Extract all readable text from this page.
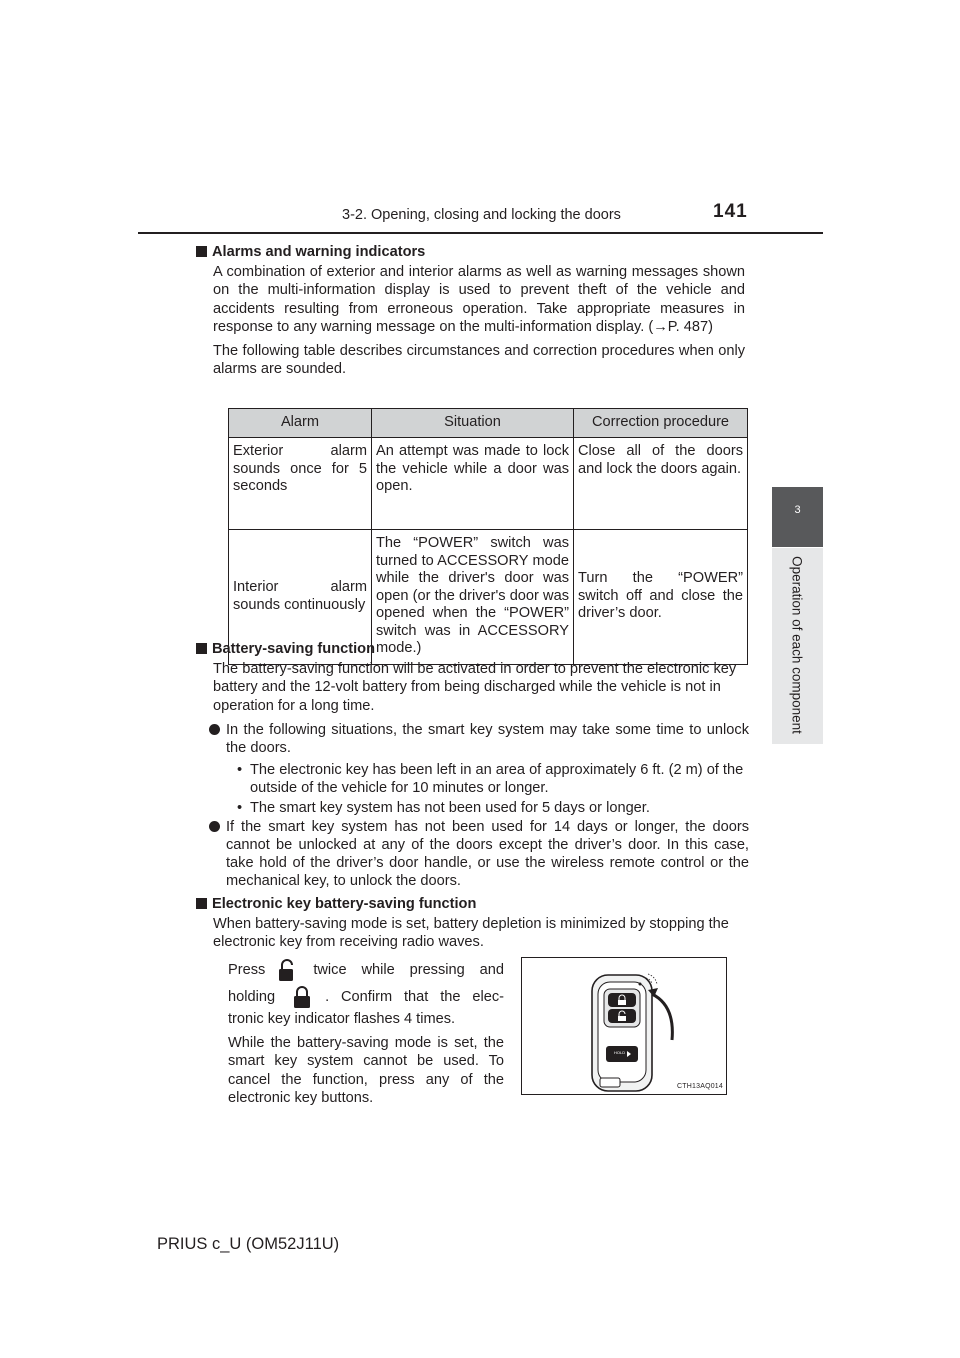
3-2. Opening, closing and locking the doors	141
3
Operation of each component
Alarms and warning indicators
A combination of exterior and interior alarms as well as warning messages shown on the multi-information display is used to prevent theft of the vehicle and accidents resulting from erroneous operation. Take appropriate measures in response to any warning message on the multi-information display. (→P. 487)
The following table describes circumstances and correction procedures when only alarms are sounded.
Alarm	Situation	Correction procedure
Exterior alarm sounds once for 5 seconds	An attempt was made to lock the vehicle while a door was open.	Close all of the doors and lock the doors again.
Interior alarm sounds continuously	The “POWER” switch was turned to ACCESSORY mode while the driver's door was open (or the driver's door was opened when the “POWER” switch was in ACCESSORY mode.)	Turn the “POWER” switch off and close the driver’s door.
Battery-saving function
The battery-saving function will be activated in order to prevent the electronic key battery and the 12-volt battery from being discharged while the vehicle is not in operation for a long time.
In the following situations, the smart key system may take some time to unlock the doors.
• The electronic key has been left in an area of approximately 6 ft. (2 m) of the outside of the vehicle for 10 minutes or longer.
• The smart key system has not been used for 5 days or longer.
If the smart key system has not been used for 14 days or longer, the doors cannot be unlocked at any of the doors except the driver’s door. In this case, take hold of the driver’s door handle, or use the wireless remote control or the mechanical key, to unlock the doors.
Electronic key battery-saving function
When battery-saving mode is set, battery depletion is minimized by stopping the electronic key from receiving radio waves.
Press	twice while pressing and
holding	. Confirm that the elec-
tronic key indicator flashes 4 times.
While the battery-saving mode is set, the smart key system cannot be used. To cancel the function, press any of the electronic key buttons.
HOLD
CTH13AQ014
PRIUS c_U (OM52J11U)
